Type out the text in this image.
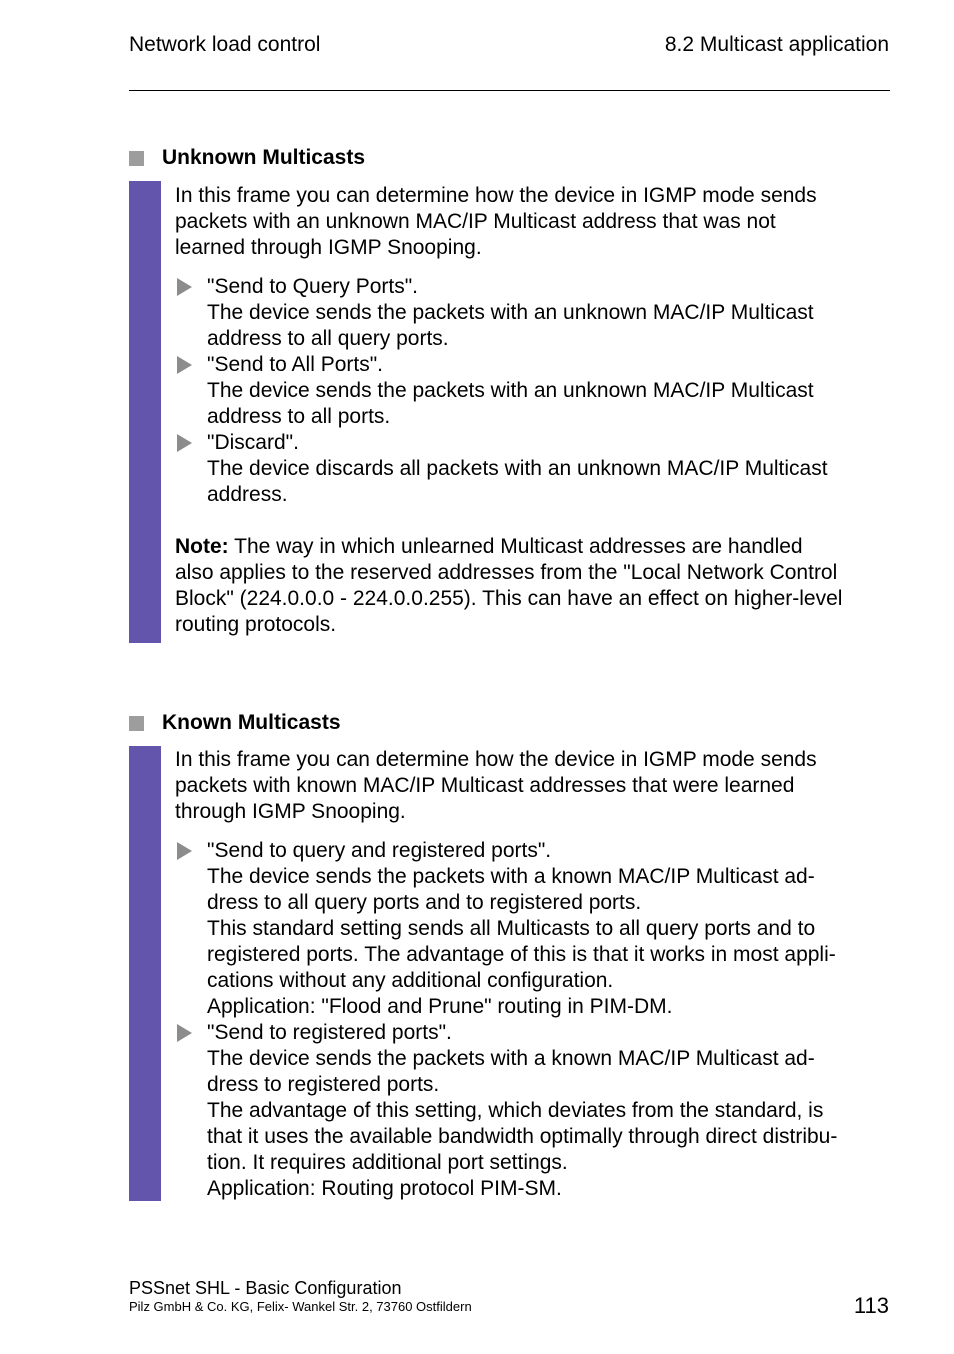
Network load control	8.2 Multicast application
Unknown Multicasts

In this frame you can determine how the device in IGMP mode sends
packets with an unknown MAC/IP Multicast address that was not
learned through IGMP Snooping.

"Send to Query Ports".
The device sends the packets with an unknown MAC/IP Multicast
address to all query ports.
"Send to All Ports".
The device sends the packets with an unknown MAC/IP Multicast
address to all ports.
"Discard".
The device discards all packets with an unknown MAC/IP Multicast
address.

Note: The way in which unlearned Multicast addresses are handled
also applies to the reserved addresses from the "Local Network Control
Block" (224.0.0.0 - 224.0.0.255). This can have an effect on higher-level
routing protocols.

Known Multicasts

In this frame you can determine how the device in IGMP mode sends
packets with known MAC/IP Multicast addresses that were learned
through IGMP Snooping.

"Send to query and registered ports".
The device sends the packets with a known MAC/IP Multicast ad-
dress to all query ports and to registered ports.
This standard setting sends all Multicasts to all query ports and to
registered ports. The advantage of this is that it works in most appli-
cations without any additional configuration.
Application: "Flood and Prune" routing in PIM-DM.
"Send to registered ports".
The device sends the packets with a known MAC/IP Multicast ad-
dress to registered ports.
The advantage of this setting, which deviates from the standard, is
that it uses the available bandwidth optimally through direct distribu-
tion. It requires additional port settings.
Application: Routing protocol PIM-SM.
PSSnet SHL - Basic Configuration
Pilz GmbH & Co. KG, Felix- Wankel Str. 2, 73760 Ostfildern	113
